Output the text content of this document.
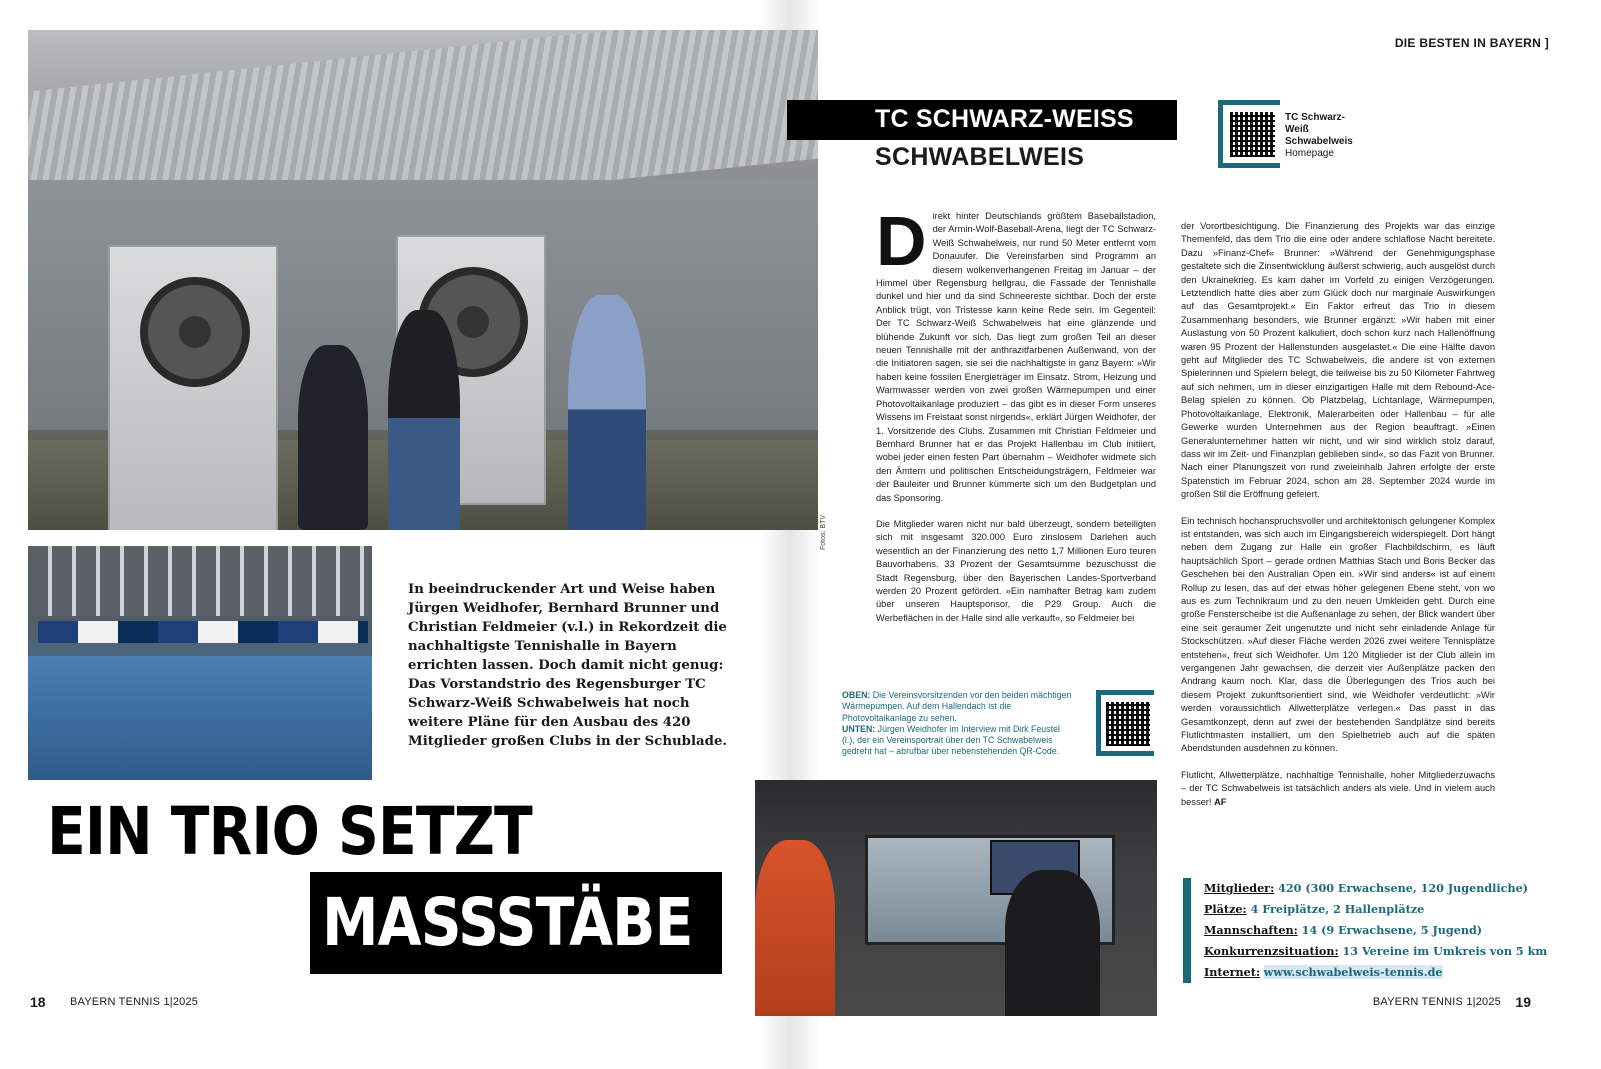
Fotos: BTV
In beeindruckender Art und Weise haben Jürgen Weidhofer, Bernhard Brunner und Christian Feldmeier (v.l.) in Rekordzeit die nachhaltigste Tennishalle in Bayern errichten lassen. Doch damit nicht genug: Das Vorstandstrio des Regensburger TC Schwarz-Weiß Schwabelweis hat noch weitere Pläne für den Ausbau des 420 Mitglieder großen Clubs in der Schublade.
EIN TRIO SETZT
MASSSTÄBE
18 BAYERN TENNIS 1|2025
DIE BESTEN IN BAYERN ]
TC SCHWARZ-WEISS
SCHWABELWEIS
TC Schwarz-
Weiß
Schwabelweis
Homepage

Direkt hinter Deutschlands größtem Baseballstadion, der Armin-Wolf-Baseball-Arena, liegt der TC Schwarz-Weiß Schwabelweis, nur rund 50 Meter entfernt vom Donauufer. Die Vereinsfarben sind Programm an diesem wolkenverhangenen Freitag im Januar – der Himmel über Regensburg hellgrau, die Fassade der Tennishalle dunkel und hier und da sind Schneereste sichtbar. Doch der erste Anblick trügt, von Tristesse kann keine Rede sein. Im Gegenteil: Der TC Schwarz-Weiß Schwabelweis hat eine glänzende und blühende Zukunft vor sich. Das liegt zum großen Teil an dieser neuen Tennishalle mit der anthrazitfarbenen Außenwand, von der die Initiatoren sagen, sie sei die nachhaltigste in ganz Bayern: »Wir haben keine fossilen Energieträger im Einsatz. Strom, Heizung und Warmwasser werden von zwei großen Wärmepumpen und einer Photovoltaikanlage produziert – das gibt es in dieser Form unseres Wissens im Freistaat sonst nirgends«, erklärt Jürgen Weidhofer, der 1. Vorsitzende des Clubs. Zusammen mit Christian Feldmeier und Bernhard Brunner hat er das Projekt Hallenbau im Club initiiert, wobei jeder einen festen Part übernahm – Weidhofer widmete sich den Ämtern und politischen Entscheidungsträgern, Feldmeier war der Bauleiter und Brunner kümmerte sich um den Budgetplan und das Sponsoring.

Die Mitglieder waren nicht nur bald überzeugt, sondern beteiligten sich mit insgesamt 320.000 Euro zinslosem Darlehen auch wesentlich an der Finanzierung des netto 1,7 Millionen Euro teuren Bauvorhabens. 33 Prozent der Gesamtsumme bezuschusst die Stadt Regensburg, über den Bayerischen Landes-Sportverband werden 20 Prozent gefördert. »Ein namhafter Betrag kam zudem über unseren Hauptsponsor, die P29 Group. Auch die Werbeflächen in der Halle sind alle verkauft«, so Feldmeier bei

der Vorortbesichtigung. Die Finanzierung des Projekts war das einzige Themenfeld, das dem Trio die eine oder andere schlaflose Nacht bereitete. Dazu »Finanz-Chef« Brunner: »Während der Genehmigungsphase gestaltete sich die Zinsentwicklung äußerst schwierig, auch ausgelöst durch den Ukrainekrieg. Es kam daher im Vorfeld zu einigen Verzögerungen. Letztendlich hatte dies aber zum Glück doch nur marginale Auswirkungen auf das Gesamtprojekt.« Ein Faktor erfreut das Trio in diesem Zusammenhang besonders, wie Brunner ergänzt: »Wir haben mit einer Auslastung von 50 Prozent kalkuliert, doch schon kurz nach Hallenöffnung waren 95 Prozent der Hallenstunden ausgelastet.« Die eine Hälfte davon geht auf Mitglieder des TC Schwabelweis, die andere ist von externen Spielerinnen und Spielern belegt, die teilweise bis zu 50 Kilometer Fahrtweg auf sich nehmen, um in dieser einzigartigen Halle mit dem Rebound-Ace-Belag spielen zu können. Ob Platzbelag, Lichtanlage, Wärmepumpen, Photovoltaikanlage, Elektronik, Malerarbeiten oder Hallenbau – für alle Gewerke wurden Unternehmen aus der Region beauftragt. »Einen Generalunternehmer hatten wir nicht, und wir sind wirklich stolz darauf, dass wir im Zeit- und Finanzplan geblieben sind«, so das Fazit von Brunner. Nach einer Planungszeit von rund zweieinhalb Jahren erfolgte der erste Spatenstich im Februar 2024, schon am 28. September 2024 wurde im großen Stil die Eröffnung gefeiert.

Ein technisch hochanspruchsvoller und architektonisch gelungener Komplex ist entstanden, was sich auch im Eingangsbereich widerspiegelt. Dort hängt neben dem Zugang zur Halle ein großer Flachbildschirm, es läuft hauptsächlich Sport – gerade ordnen Matthias Stach und Boris Becker das Geschehen bei den Australian Open ein. »Wir sind anders« ist auf einem Rollup zu lesen, das auf der etwas höher gelegenen Ebene steht, von wo aus es zum Technikraum und zu den neuen Umkleiden geht. Durch eine große Fensterscheibe ist die Außenanlage zu sehen, der Blick wandert über eine seit geraumer Zeit ungenutzte und nicht sehr einladende Anlage für Stockschützen. »Auf dieser Fläche werden 2026 zwei weitere Tennisplätze entstehen«, freut sich Weidhofer. Um 120 Mitglieder ist der Club allein im vergangenen Jahr gewachsen, die derzeit vier Außenplätze packen den Andrang kaum noch. Klar, dass die Überlegungen des Trios auch bei diesem Projekt zukunftsorientiert sind, wie Weidhofer verdeutlicht: »Wir werden voraussichtlich Allwetterplätze verlegen.« Das passt in das Gesamtkonzept, denn auf zwei der bestehenden Sandplätze sind bereits Flutlichtmasten installiert, um den Spielbetrieb auch auf die späten Abendstunden ausdehnen zu können.

Flutlicht, Allwetterplätze, nachhaltige Tennishalle, hoher Mitgliederzuwachs – der TC Schwabelweis ist tatsächlich anders als viele. Und in vielem auch besser! AF

OBEN: Die Vereinsvorsitzenden vor den beiden mächtigen Wärmepumpen. Auf dem Hallendach ist die Photovoltaikanlage zu sehen.
UNTEN: Jürgen Weidhofer im Interview mit Dirk Feustel (l.), der ein Vereinsportrait über den TC Schwabelweis gedreht hat – abrufbar über nebenstehenden QR-Code.
Mitglieder: 420 (300 Erwachsene, 120 Jugendliche)
Plätze: 4 Freiplätze, 2 Hallenplätze
Mannschaften: 14 (9 Erwachsene, 5 Jugend)
Konkurrenzsituation: 13 Vereine im Umkreis von 5 km
Internet: www.schwabelweis-tennis.de
BAYERN TENNIS 1|2025 19
